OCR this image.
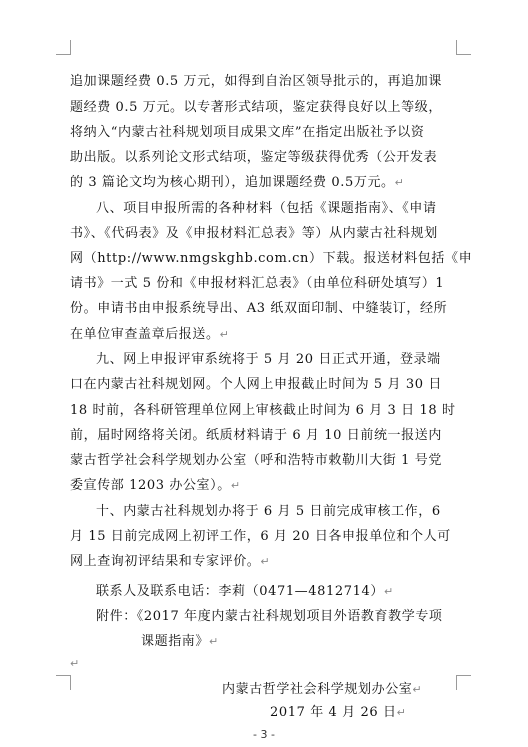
追加课题经费 0.5 万元，如得到自治区领导批示的，再追加课
题经费 0.5 万元。以专著形式结项，鉴定获得良好以上等级，
将纳入“内蒙古社科规划项目成果文库”在指定出版社予以资
助出版。以系列论文形式结项，鉴定等级获得优秀（公开发表
的 3 篇论文均为核心期刊），追加课题经费 0.5万元。↵
八、项目申报所需的各种材料（包括《课题指南》、《申请
书》、《代码表》及《申报材料汇总表》等）从内蒙古社科规划
网（http://www.nmgskghb.com.cn）下载。报送材料包括《申
请书》一式 5 份和《申报材料汇总表》（由单位科研处填写）1
份。申请书由申报系统导出、A3 纸双面印制、中缝装订，经所
在单位审查盖章后报送。↵
九、网上申报评审系统将于 5 月 20 日正式开通，登录端
口在内蒙古社科规划网。个人网上申报截止时间为 5 月 30 日
18 时前，各科研管理单位网上审核截止时间为 6 月 3 日 18 时
前，届时网络将关闭。纸质材料请于 6 月 10 日前统一报送内
蒙古哲学社会科学规划办公室（呼和浩特市敕勒川大街 1 号党
委宣传部 1203 办公室）。↵
十、内蒙古社科规划办将于 6 月 5 日前完成审核工作，6
月 15 日前完成网上初评工作，6 月 20 日各申报单位和个人可
网上查询初评结果和专家评价。↵
联系人及联系电话：李莉（0471—4812714）↵
附件：《2017 年度内蒙古社科规划项目外语教育教学专项
课题指南》↵
↵
内蒙古哲学社会科学规划办公室↵
2017 年 4 月 26 日↵
- 3 -
